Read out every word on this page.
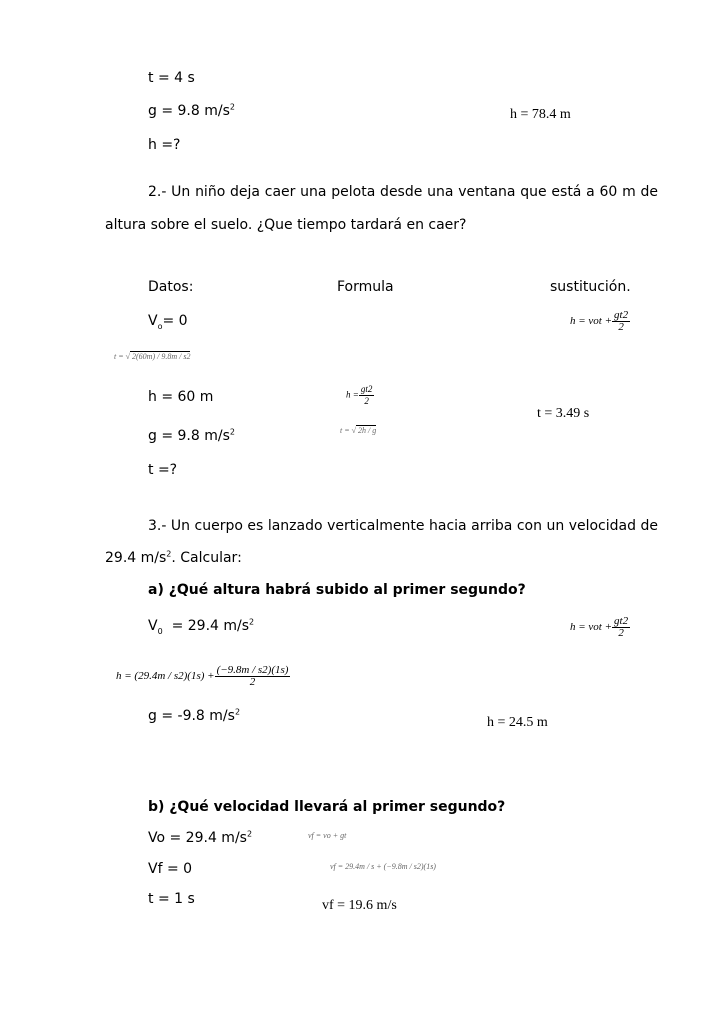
t = 4 s
g = 9.8 $m/s^2$
h = 78.4 m
h =?
2.- Un niño deja caer una pelota desde una ventana que está a 60 m de
altura sobre el suelo. ¿Que tiempo tardará en caer?
Datos:	Formula	sustitución.
$V_o= 0$	h = vot + $\frac{gt2}{2}$
t = √ 2(60m) / 9.8m / s2
h = 60 m	$h = \frac{gt2}{2}$
t = 3.49 s
g = 9.8 $m/s^2$	t = √ 2h / g
t =?
3.- Un cuerpo es lanzado verticalmente hacia arriba con un velocidad de
29.4 $m/s^2$. Calcular:
a) ¿Qué altura habrá subido al primer segundo?
$V_0 = 29.4$ $m/s^2$	h = vot + $\frac{gt2}{2}$
$h = (29.4m / s2)(1s) + \frac{(-9.8m / s2)(1s)}{2}$
g = -9.8 $m/s^2$
h = 24.5 m
b) ¿Qué velocidad llevará al primer segundo?
Vo = 29.4 $m/s^2$	vf = vo + gt
Vf = 0	vf = 29.4m / s + (−9.8m / s2)(1s)
t = 1 s	vf = 19.6 m/s
